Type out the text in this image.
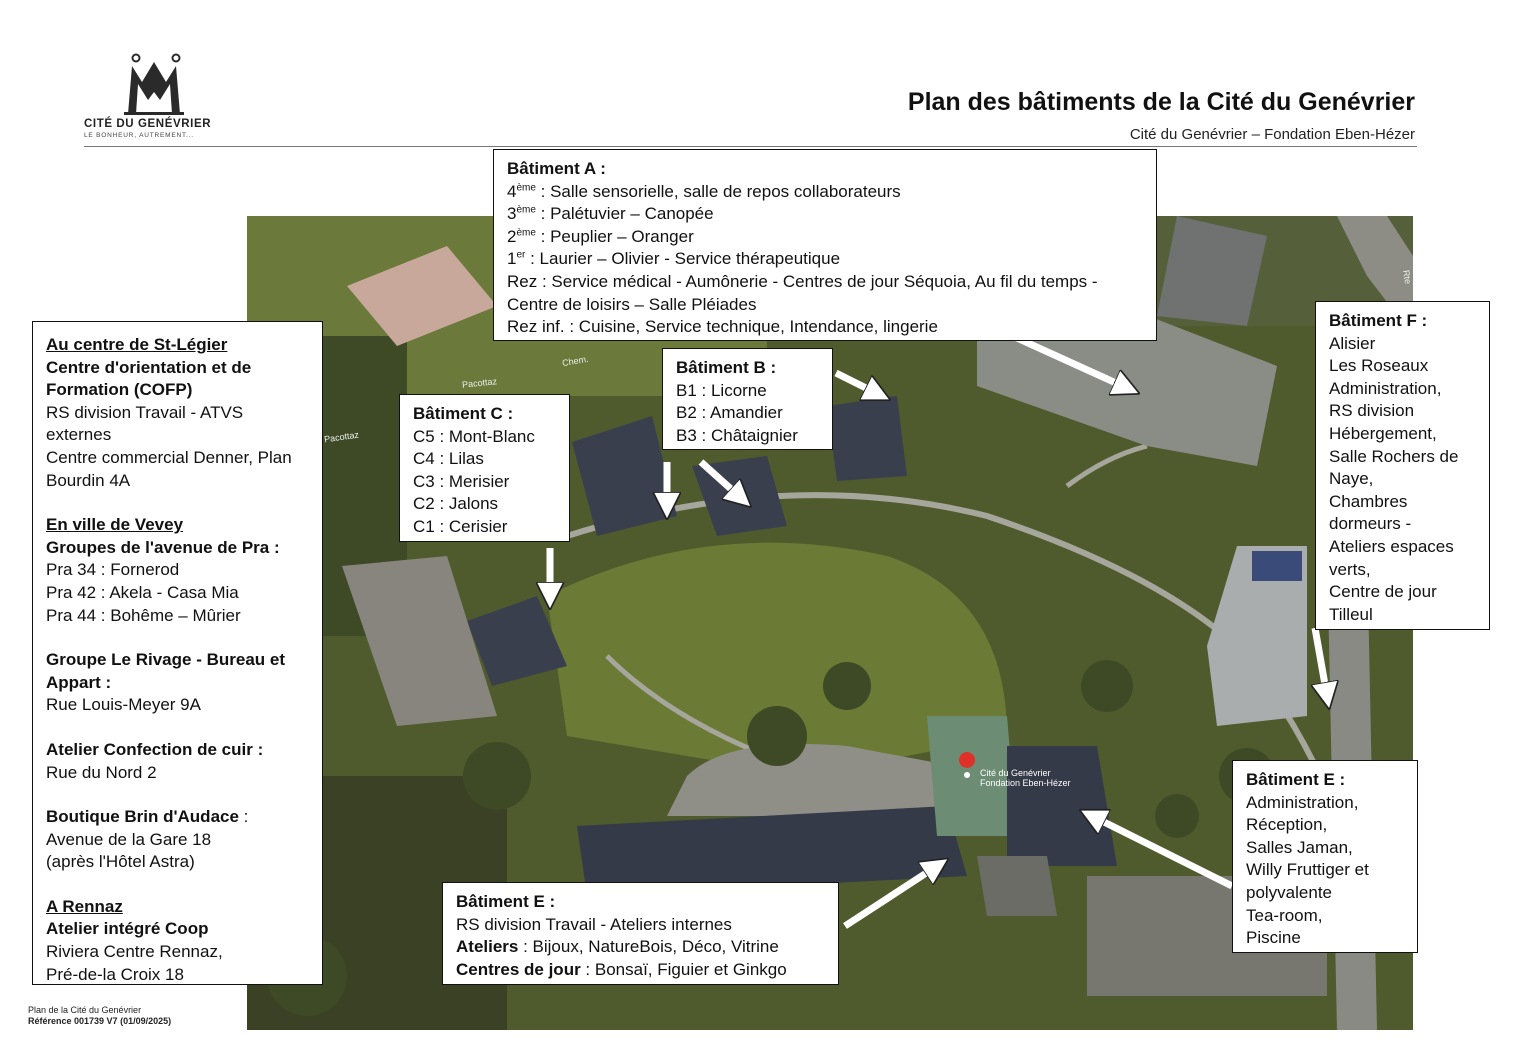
CITÉ DU GENÉVRIER
LE BONHEUR, AUTREMENT...
Plan des bâtiments de la Cité du Genévrier
Cité du Genévrier – Fondation Eben-Hézer
Cité du Genévrier
Fondation Eben-Hézer
Chem.
Pacottaz
Pacottaz
Rte
Au centre de St-Légier
Centre d'orientation et de Formation (COFP)
RS division Travail - ATVS externes
Centre commercial Denner, Plan Bourdin 4A
En ville de Vevey
Groupes de l'avenue de Pra :
Pra 34 : Fornerod
Pra 42 : Akela - Casa Mia
Pra 44 : Bohême – Mûrier
Groupe Le Rivage - Bureau et Appart :
Rue Louis-Meyer 9A
Atelier Confection de cuir :
Rue du Nord 2
Boutique Brin d'Audace :
Avenue de la Gare 18
(après l'Hôtel Astra)
A Rennaz
Atelier intégré Coop
Riviera Centre Rennaz,
Pré-de-la Croix 18
Bâtiment A :
4ème : Salle sensorielle, salle de repos collaborateurs
3ème : Palétuvier – Canopée
2ème : Peuplier – Oranger
1er : Laurier – Olivier - Service thérapeutique
Rez : Service médical - Aumônerie - Centres de jour Séquoia, Au fil du temps - Centre de loisirs – Salle Pléiades
Rez inf. : Cuisine, Service technique, Intendance, lingerie
Bâtiment B :
B1 : Licorne
B2 : Amandier
B3 : Châtaignier
Bâtiment C :
C5 : Mont-Blanc
C4 : Lilas
C3 : Merisier
C2 : Jalons
C1 : Cerisier
Bâtiment F :
Alisier
Les Roseaux
Administration,
RS division
Hébergement,
Salle Rochers de
Naye,
Chambres
dormeurs -
Ateliers espaces
verts,
Centre de jour
Tilleul
Bâtiment E :
Administration,
Réception,
Salles Jaman,
Willy Fruttiger et
polyvalente
Tea-room,
Piscine
Bâtiment E :
RS division Travail - Ateliers internes
Ateliers : Bijoux, NatureBois, Déco, Vitrine
Centres de jour : Bonsaï, Figuier et Ginkgo
Plan de la Cité du Genévrier
Référence 001739 V7 (01/09/2025)
